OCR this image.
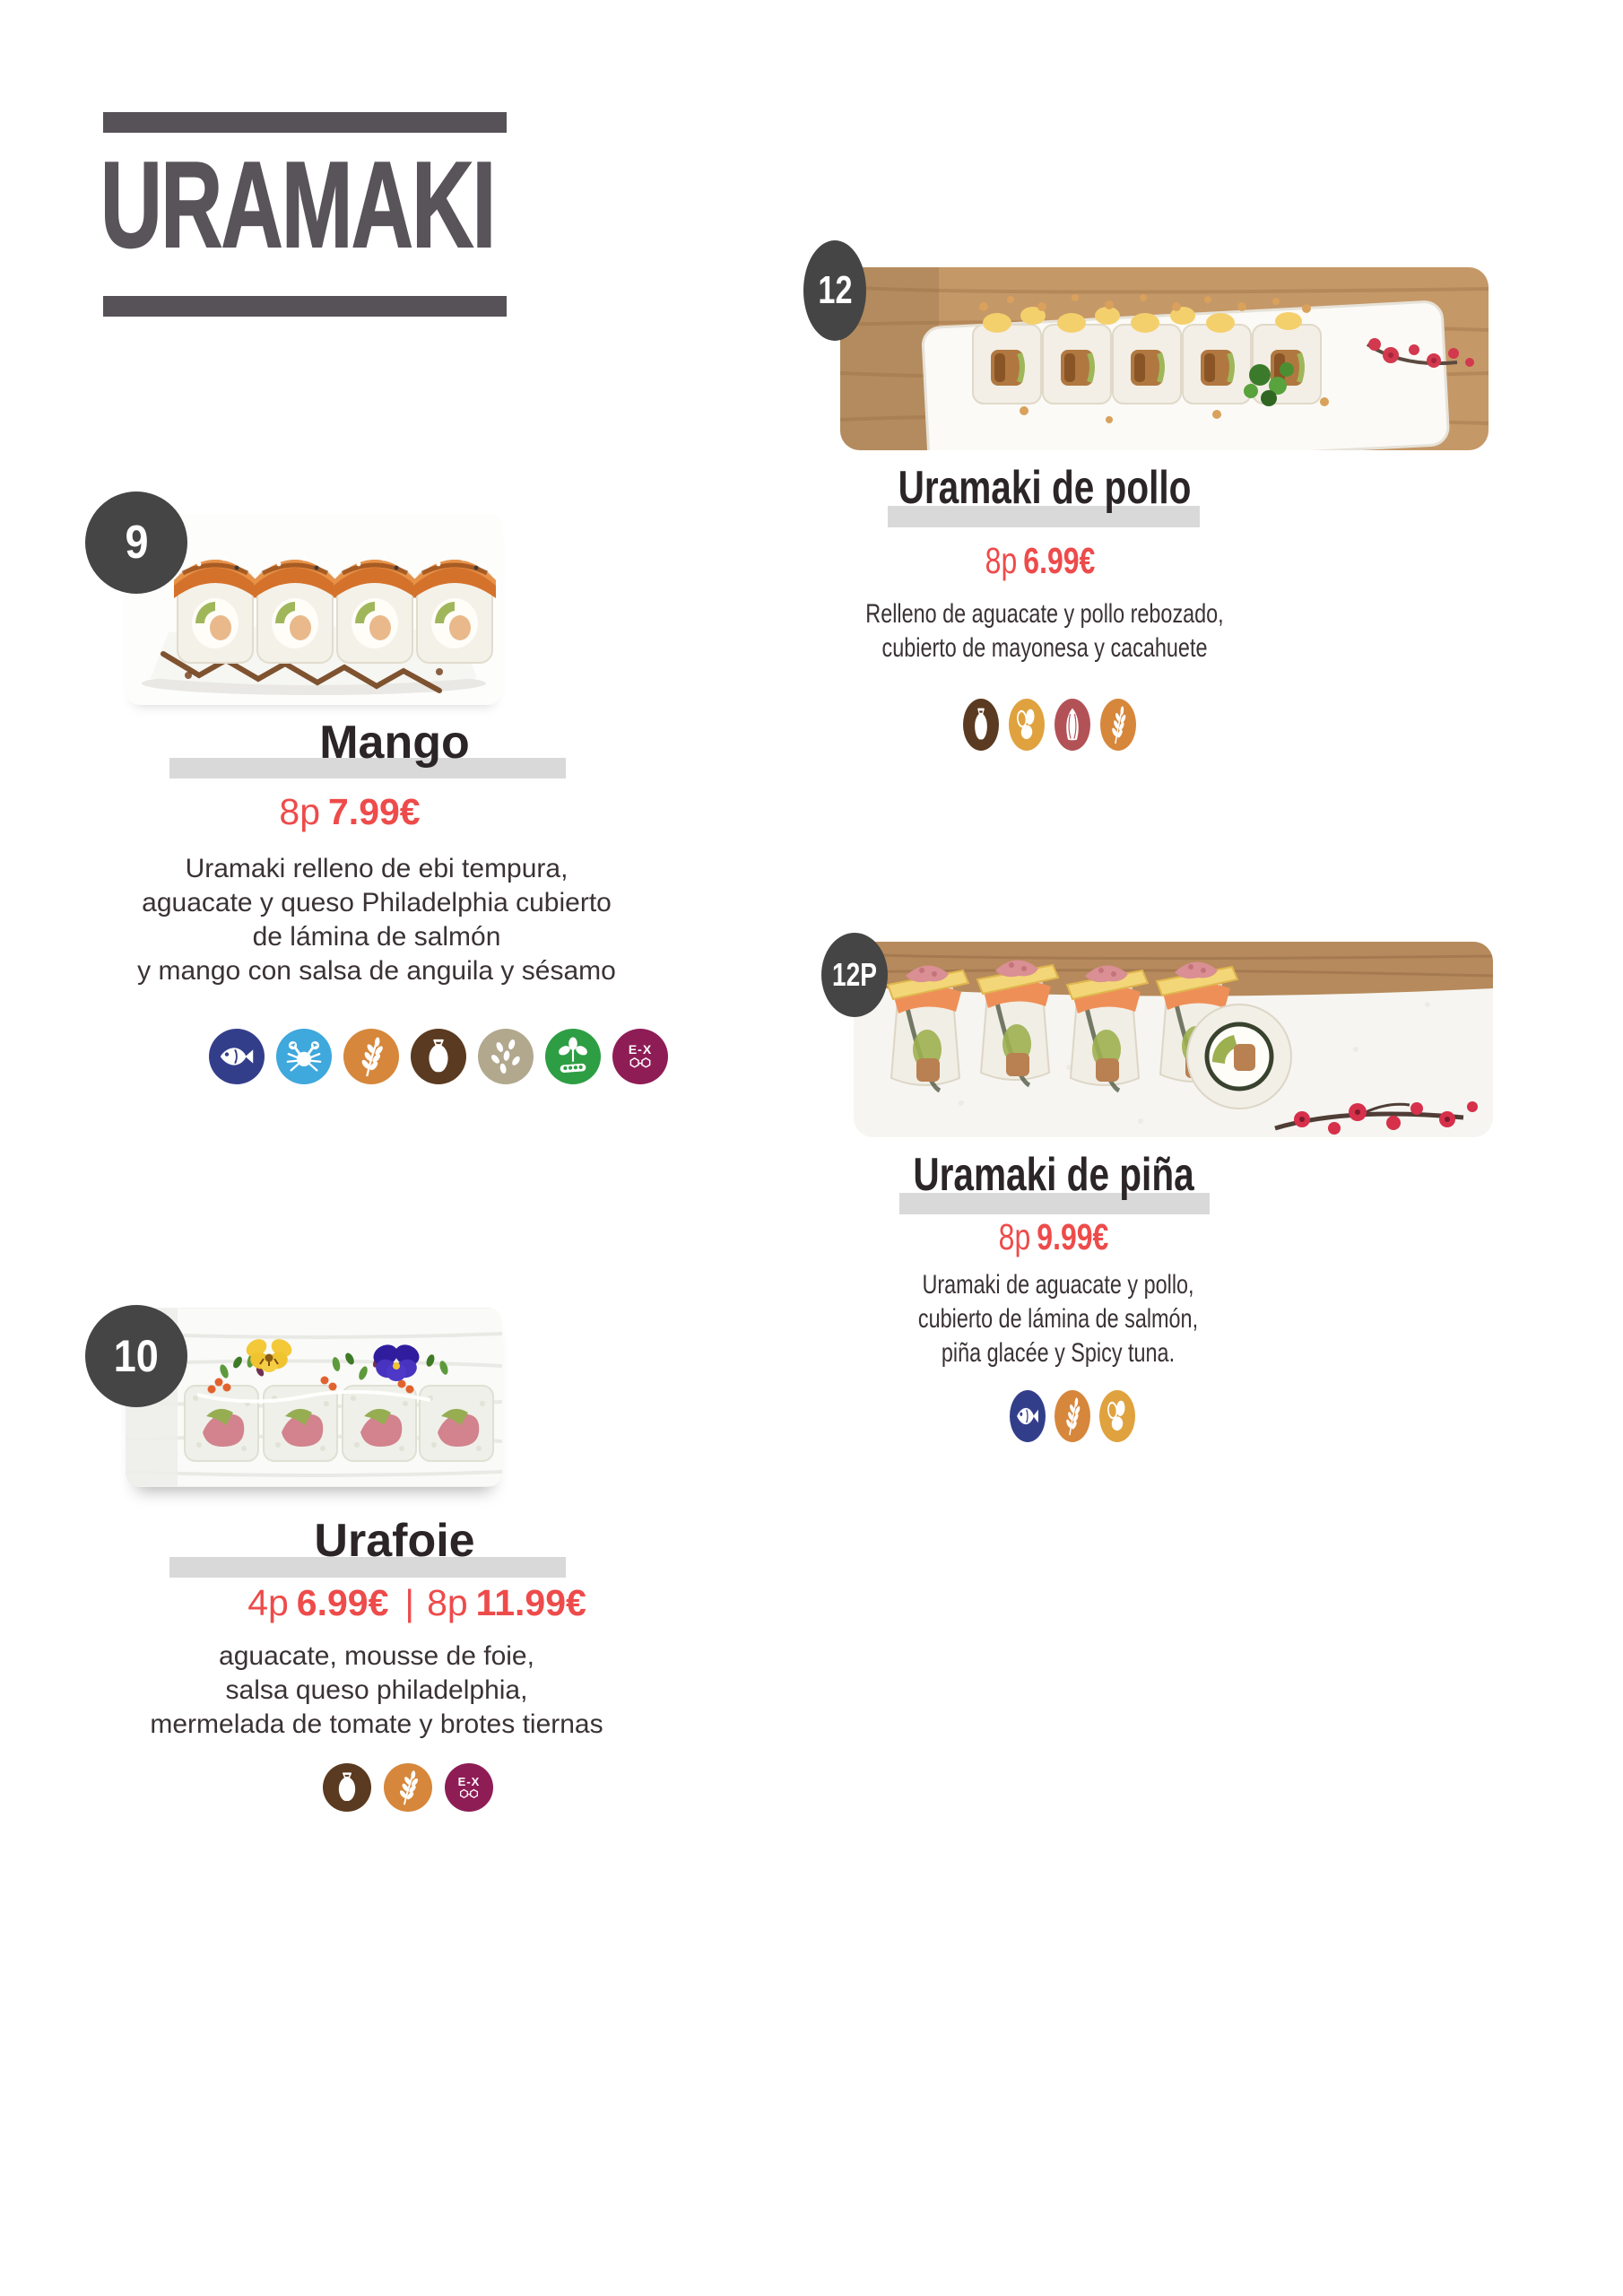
URAMAKI
9
Mango
8p 7.99€
Uramaki relleno de ebi tempura,
aguacate y queso Philadelphia cubierto
de lámina de salmón
y mango con salsa de anguila y sésamo
E-X
12
Uramaki de pollo
8p 6.99€
Relleno de aguacate y pollo rebozado,
cubierto de mayonesa y cacahuete
12P
Uramaki de piña
8p 9.99€
Uramaki de aguacate y pollo,
cubierto de lámina de salmón,
piña glacée y Spicy tuna.
10
Urafoie
4p 6.99€ | 8p 11.99€
aguacate, mousse de foie,
salsa queso philadelphia,
mermelada de tomate y brotes tiernas
E-X
